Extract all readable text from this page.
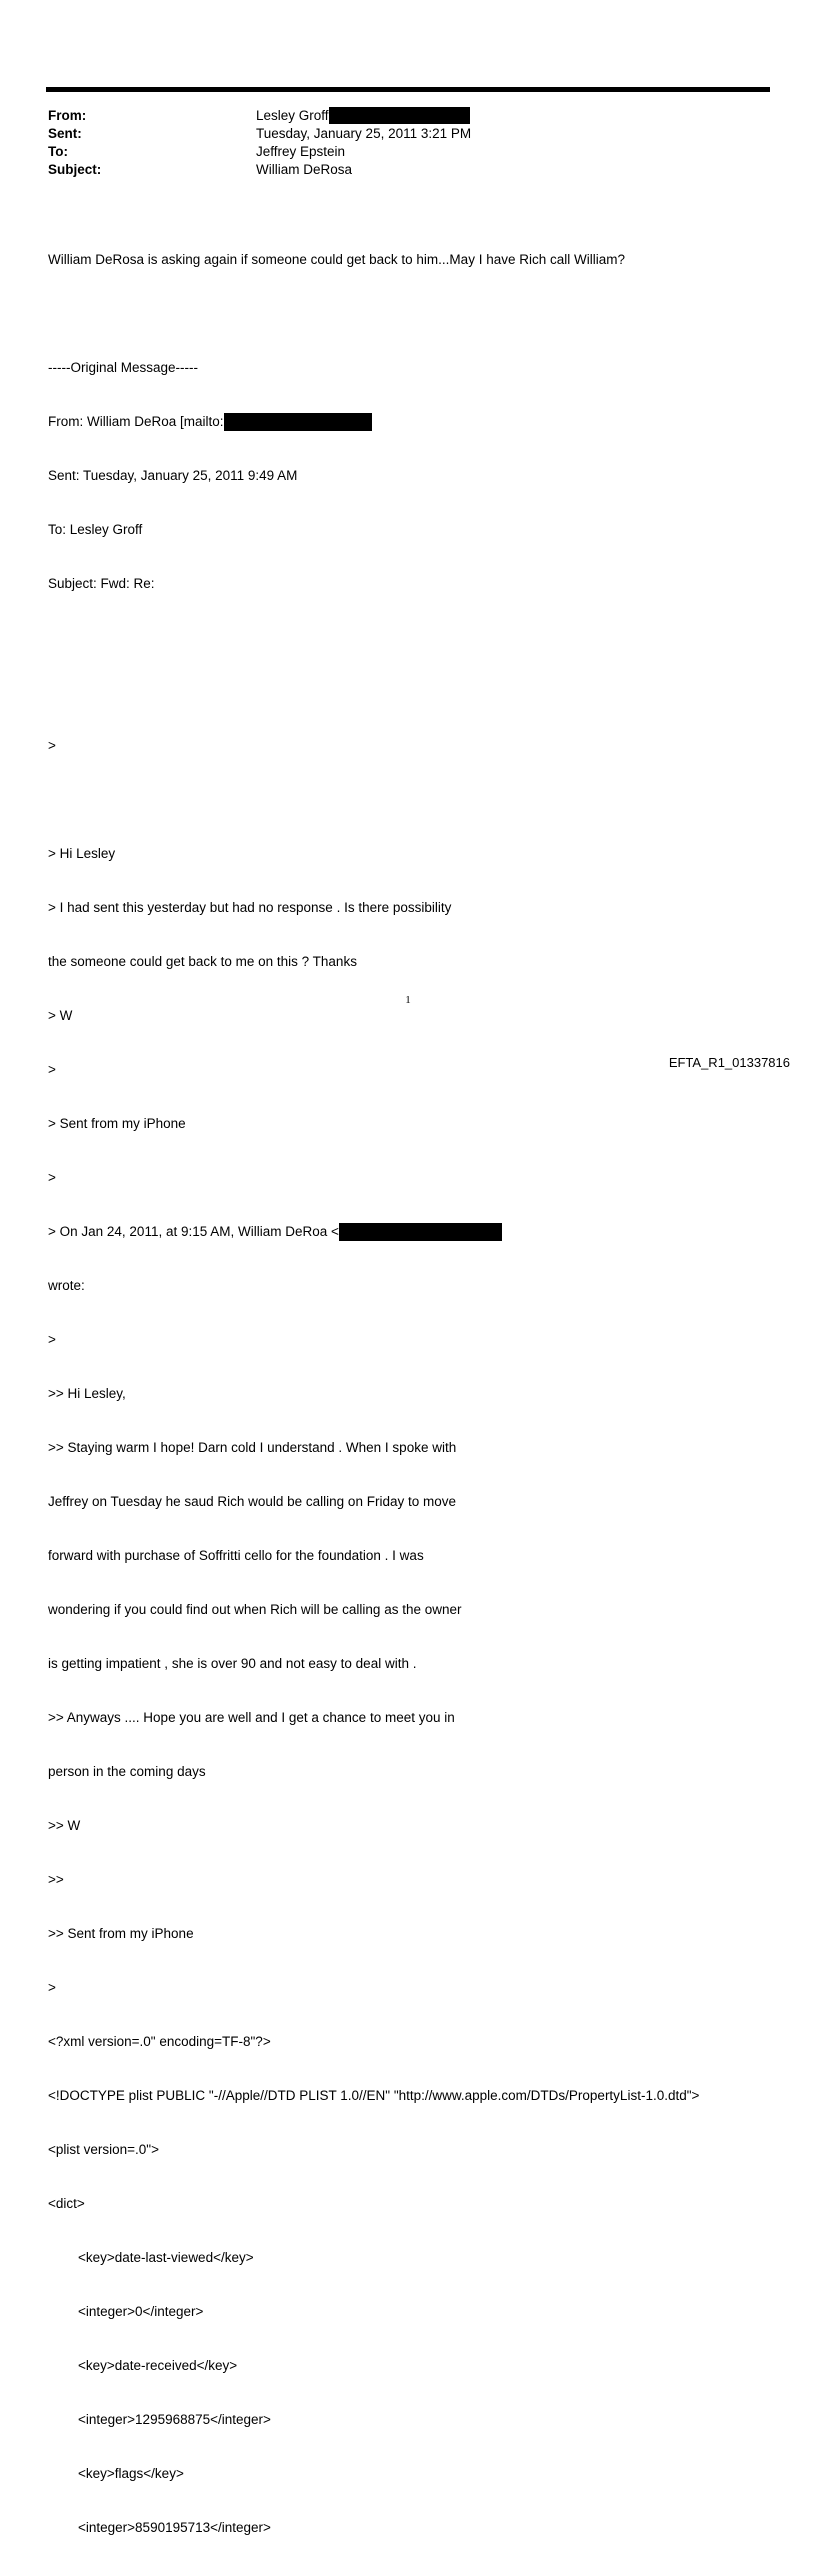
From:	Lesley Groff
Sent:	Tuesday, January 25, 2011 3:21 PM
To:	Jeffrey Epstein
Subject:	William DeRosa

William DeRosa is asking again if someone could get back to him...May I have Rich call William?

-----Original Message-----

From: William DeRoa [mailto:

Sent: Tuesday, January 25, 2011 9:49 AM

To: Lesley Groff

Subject: Fwd: Re:

>

> Hi Lesley

> I had sent this yesterday but had no response . Is there possibility

the someone could get back to me on this ? Thanks

> W

>

> Sent from my iPhone

>

> On Jan 24, 2011, at 9:15 AM, William DeRoa <

wrote:

>

>> Hi Lesley,

>> Staying warm I hope! Darn cold I understand . When I spoke with

Jeffrey on Tuesday he saud Rich would be calling on Friday to move

forward with purchase of Soffritti cello for the foundation . I was

wondering if you could find out when Rich will be calling as the owner

is getting impatient , she is over 90 and not easy to deal with .

>> Anyways .... Hope you are well and I get a chance to meet you in

person in the coming days

>> W

>>

>> Sent from my iPhone

>

<?xml version=.0" encoding=TF-8"?>

<!DOCTYPE plist PUBLIC "-//Apple//DTD PLIST 1.0//EN" "http://www.apple.com/DTDs/PropertyList-1.0.dtd">

<plist version=.0">

<dict>

<key>date-last-viewed</key>

<integer>0</integer>

<key>date-received</key>

<integer>1295968875</integer>

<key>flags</key>

<integer>8590195713</integer>

1
EFTA_R1_01337816
